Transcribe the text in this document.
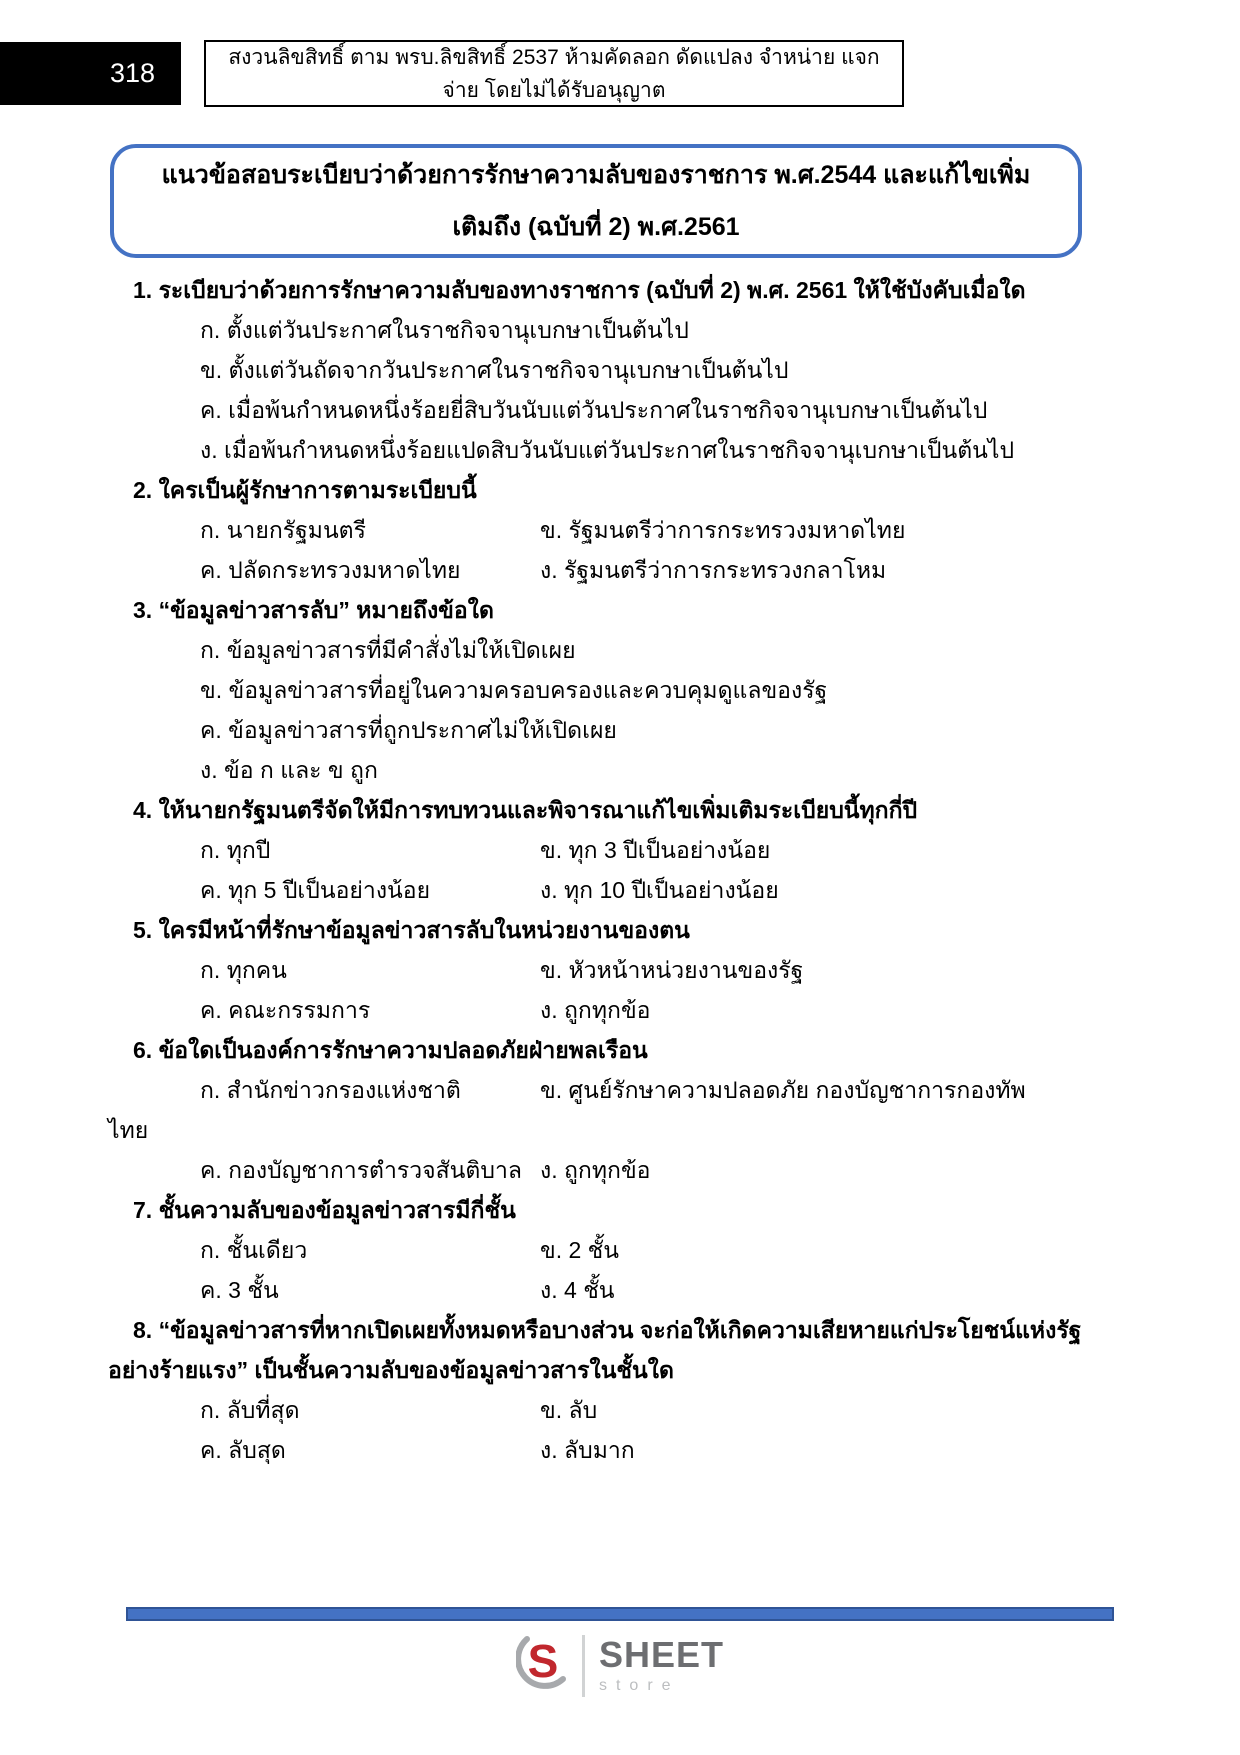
318
สงวนลิขสิทธิ์ ตาม พรบ.ลิขสิทธิ์ 2537 ห้ามคัดลอก ดัดแปลง จำหน่าย แจกจ่าย โดยไม่ได้รับอนุญาต
แนวข้อสอบระเบียบว่าด้วยการรักษาความลับของราชการ พ.ศ.2544 และแก้ไขเพิ่มเติมถึง (ฉบับที่ 2) พ.ศ.2561

1. ระเบียบว่าด้วยการรักษาความลับของทางราชการ (ฉบับที่ 2) พ.ศ. 2561 ให้ใช้บังคับเมื่อใด

ก. ตั้งแต่วันประกาศในราชกิจจานุเบกษาเป็นต้นไป

ข. ตั้งแต่วันถัดจากวันประกาศในราชกิจจานุเบกษาเป็นต้นไป

ค. เมื่อพ้นกำหนดหนึ่งร้อยยี่สิบวันนับแต่วันประกาศในราชกิจจานุเบกษาเป็นต้นไป

ง. เมื่อพ้นกำหนดหนึ่งร้อยแปดสิบวันนับแต่วันประกาศในราชกิจจานุเบกษาเป็นต้นไป

2. ใครเป็นผู้รักษาการตามระเบียบนี้

ก. นายกรัฐมนตรี	ข. รัฐมนตรีว่าการกระทรวงมหาดไทย

ค. ปลัดกระทรวงมหาดไทย	ง. รัฐมนตรีว่าการกระทรวงกลาโหม

3. “ข้อมูลข่าวสารลับ” หมายถึงข้อใด

ก. ข้อมูลข่าวสารที่มีคำสั่งไม่ให้เปิดเผย

ข. ข้อมูลข่าวสารที่อยู่ในความครอบครองและควบคุมดูแลของรัฐ

ค. ข้อมูลข่าวสารที่ถูกประกาศไม่ให้เปิดเผย

ง. ข้อ ก และ ข ถูก

4. ให้นายกรัฐมนตรีจัดให้มีการทบทวนและพิจารณาแก้ไขเพิ่มเติมระเบียบนี้ทุกกี่ปี

ก. ทุกปี	ข. ทุก 3 ปีเป็นอย่างน้อย

ค. ทุก 5 ปีเป็นอย่างน้อย	ง. ทุก 10 ปีเป็นอย่างน้อย

5. ใครมีหน้าที่รักษาข้อมูลข่าวสารลับในหน่วยงานของตน

ก. ทุกคน	ข. หัวหน้าหน่วยงานของรัฐ

ค. คณะกรรมการ	ง. ถูกทุกข้อ

6. ข้อใดเป็นองค์การรักษาความปลอดภัยฝ่ายพลเรือน

ก. สำนักข่าวกรองแห่งชาติ	ข. ศูนย์รักษาความปลอดภัย กองบัญชาการกองทัพ

ไทย

ค. กองบัญชาการตำรวจสันติบาล ง. ถูกทุกข้อ

7. ชั้นความลับของข้อมูลข่าวสารมีกี่ชั้น

ก. ชั้นเดียว	ข. 2 ชั้น

ค. 3 ชั้น	ง. 4 ชั้น

8. “ข้อมูลข่าวสารที่หากเปิดเผยทั้งหมดหรือบางส่วน จะก่อให้เกิดความเสียหายแก่ประโยชน์แห่งรัฐ​อย่างร้ายแรง” เป็นชั้นความลับของข้อมูลข่าวสารในชั้นใด

ก. ลับที่สุด	ข. ลับ

ค. ลับสุด	ง. ลับมาก

S SHEET
store
